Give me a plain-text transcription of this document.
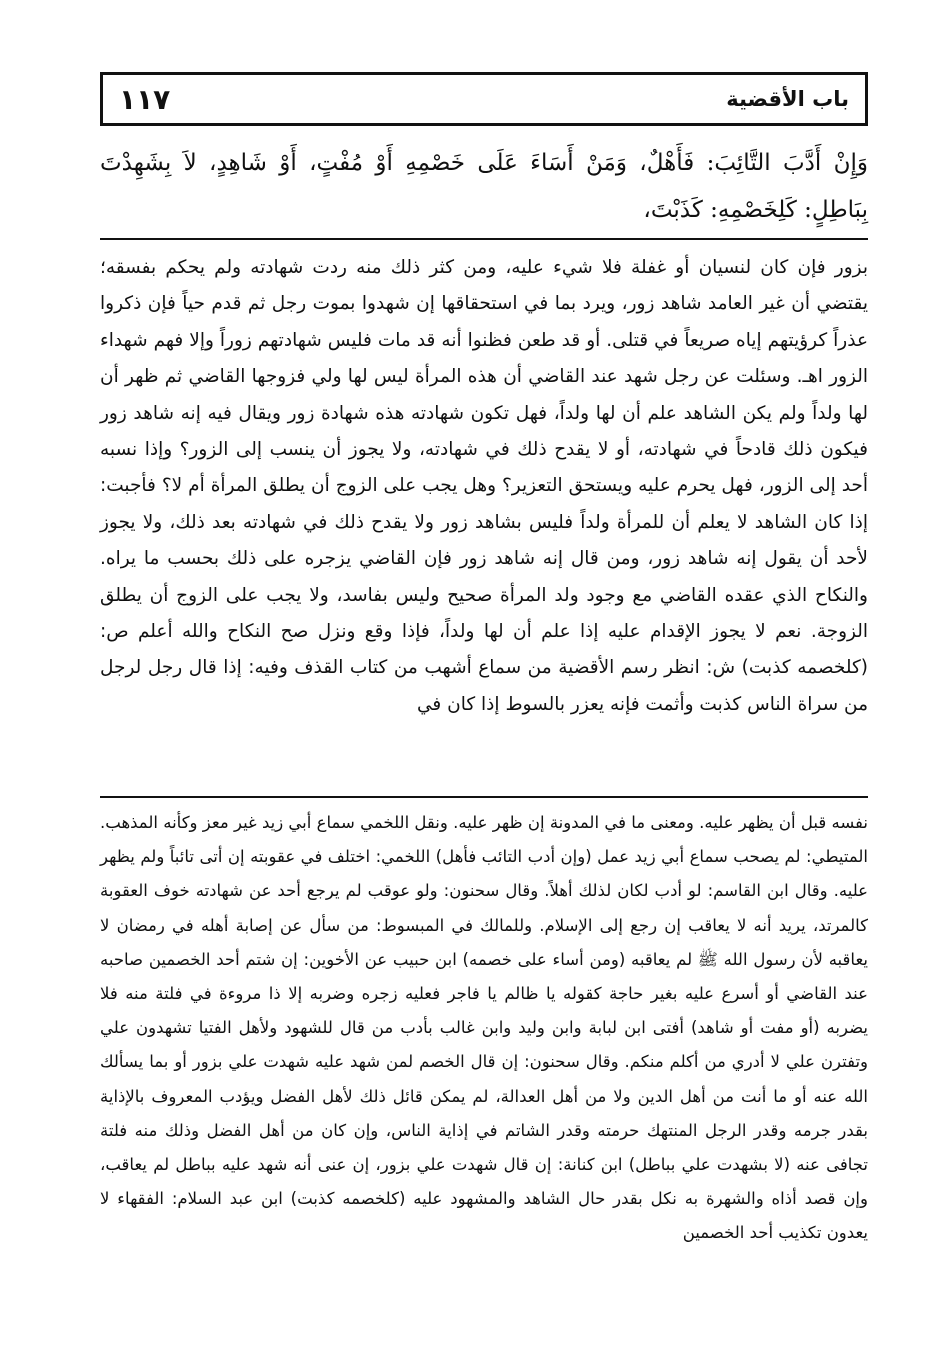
١١٧	باب الأقضية

وَإِنْ أَدَّبَ التَّائِبَ: فَأَهْلٌ، وَمَنْ أَسَاءَ عَلَى خَصْمِهِ أَوْ مُفْتٍ، أَوْ شَاهِدٍ، لاَ بِشَهِدْتَ بِبَاطِلٍ: كَلِخَصْمِهِ: كَذَبْتَ،

بزور فإن كان لنسيان أو غفلة فلا شيء عليه، ومن كثر ذلك منه ردت شهادته ولم يحكم بفسقه؛ يقتضي أن غير العامد شاهد زور، ويرد بما في استحقاقها إن شهدوا بموت رجل ثم قدم حياً فإن ذكروا عذراً كرؤيتهم إياه صريعاً في قتلى. أو قد طعن فظنوا أنه قد مات فليس شهادتهم زوراً وإلا فهم شهداء الزور اهـ. وسئلت عن رجل شهد عند القاضي أن هذه المرأة ليس لها ولي فزوجها القاضي ثم ظهر أن لها ولداً ولم يكن الشاهد علم أن لها ولداً، فهل تكون شهادته هذه شهادة زور ويقال فيه إنه شاهد زور فيكون ذلك قادحاً في شهادته، أو لا يقدح ذلك في شهادته، ولا يجوز أن ينسب إلى الزور؟ وإذا نسبه أحد إلى الزور، فهل يحرم عليه ويستحق التعزير؟ وهل يجب على الزوج أن يطلق المرأة أم لا؟ فأجبت: إذا كان الشاهد لا يعلم أن للمرأة ولداً فليس بشاهد زور ولا يقدح ذلك في شهادته بعد ذلك، ولا يجوز لأحد أن يقول إنه شاهد زور، ومن قال إنه شاهد زور فإن القاضي يزجره على ذلك بحسب ما يراه. والنكاح الذي عقده القاضي مع وجود ولد المرأة صحيح وليس بفاسد، ولا يجب على الزوج أن يطلق الزوجة. نعم لا يجوز الإقدام عليه إذا علم أن لها ولداً، فإذا وقع ونزل صح النكاح والله أعلم ص: (كلخصمه كذبت) ش: انظر رسم الأقضية من سماع أشهب من كتاب القذف وفيه: إذا قال رجل لرجل من سراة الناس كذبت وأثمت فإنه يعزر بالسوط إذا كان في

نفسه قبل أن يظهر عليه. ومعنى ما في المدونة إن ظهر عليه. ونقل اللخمي سماع أبي زيد غير معز وكأنه المذهب. المتيطي: لم يصحب سماع أبي زيد عمل (وإن أدب التائب فأهل) اللخمي: اختلف في عقوبته إن أتى تائباً ولم يظهر عليه. وقال ابن القاسم: لو أدب لكان لذلك أهلاً. وقال سحنون: ولو عوقب لم يرجع أحد عن شهادته خوف العقوبة كالمرتد، يريد أنه لا يعاقب إن رجع إلى الإسلام. وللمالك في المبسوط: من سأل عن إصابة أهله في رمضان لا يعاقبه لأن رسول الله ﷺ لم يعاقبه (ومن أساء على خصمه) ابن حبيب عن الأخوين: إن شتم أحد الخصمين صاحبه عند القاضي أو أسرع عليه بغير حاجة كقوله يا ظالم يا فاجر فعليه زجره وضربه إلا ذا مروءة في فلتة منه فلا يضربه (أو مفت أو شاهد) أفتى ابن لبابة وابن وليد وابن غالب بأدب من قال للشهود ولأهل الفتيا تشهدون علي وتفترن علي لا أدري من أكلم منكم. وقال سحنون: إن قال الخصم لمن شهد عليه شهدت علي بزور أو بما يسألك الله عنه أو ما أنت من أهل الدين ولا من أهل العدالة، لم يمكن قائل ذلك لأهل الفضل ويؤدب المعروف بالإذاية بقدر جرمه وقدر الرجل المنتهك حرمته وقدر الشاتم في إذاية الناس، وإن كان من أهل الفضل وذلك منه فلتة تجافى عنه (لا بشهدت علي بباطل) ابن كنانة: إن قال شهدت علي بزور، إن عنى أنه شهد عليه بباطل لم يعاقب، وإن قصد أذاه والشهرة به نكل بقدر حال الشاهد والمشهود عليه (كلخصمه كذبت) ابن عبد السلام: الفقهاء لا يعدون تكذيب أحد الخصمين
